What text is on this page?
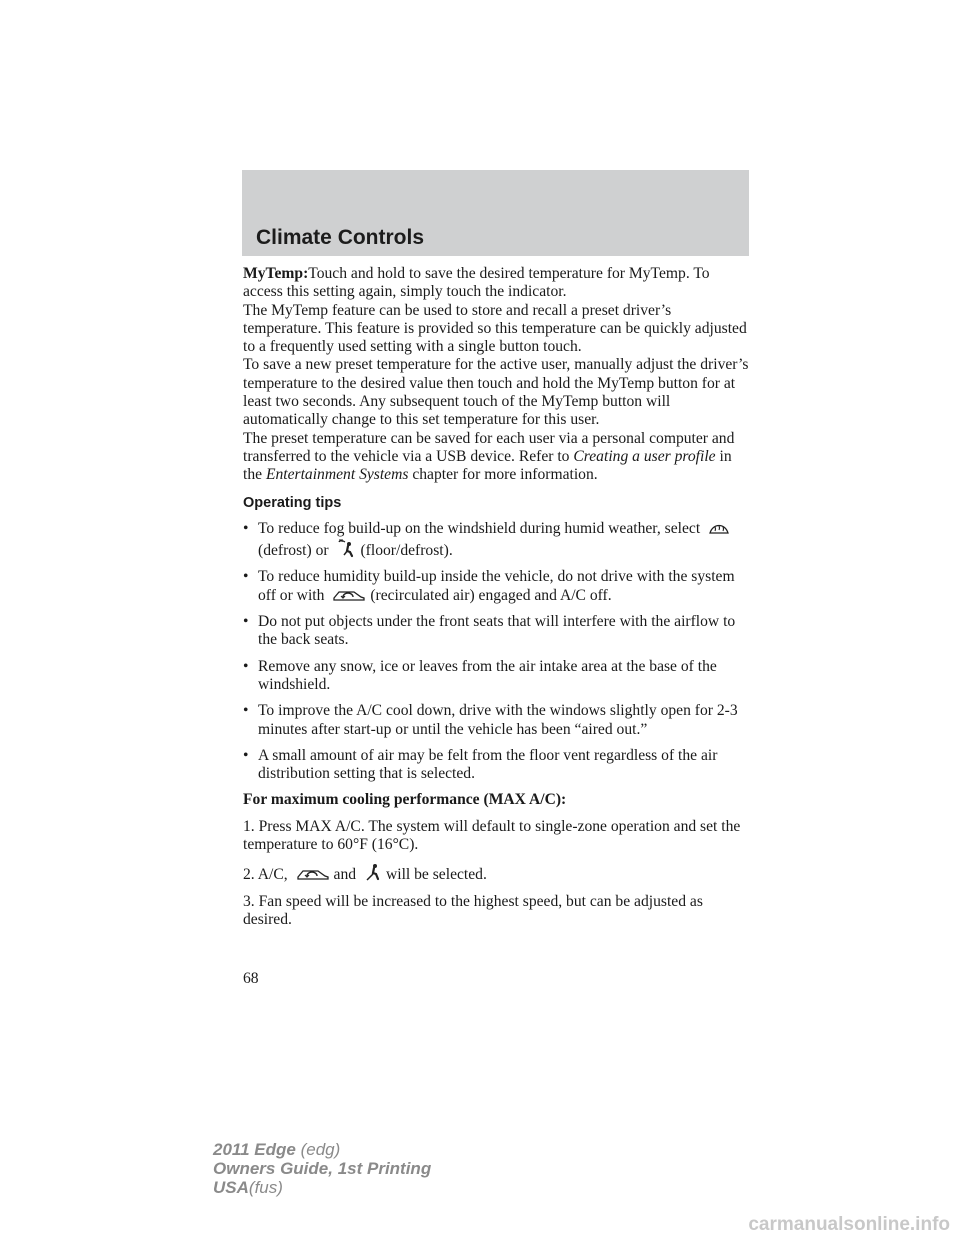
Climate Controls

MyTemp:Touch and hold to save the desired temperature for MyTemp. To access this setting again, simply touch the indicator.

The MyTemp feature can be used to store and recall a preset driver’s temperature. This feature is provided so this temperature can be quickly adjusted to a frequently used setting with a single button touch.

To save a new preset temperature for the active user, manually adjust the driver’s temperature to the desired value then touch and hold the MyTemp button for at least two seconds. Any subsequent touch of the MyTemp button will automatically change to this set temperature for this user.

The preset temperature can be saved for each user via a personal computer and transferred to the vehicle via a USB device. Refer to Creating a user profile in the Entertainment Systems chapter for more information.

Operating tips

• To reduce fog build-up on the windshield during humid weather, select
(defrost) or (floor/defrost).
• To reduce humidity build-up inside the vehicle, do not drive with the system off or with	(recirculated air) engaged and A/C off.
• Do not put objects under the front seats that will interfere with the airflow to the back seats.
• Remove any snow, ice or leaves from the air intake area at the base of the windshield.
• To improve the A/C cool down, drive with the windows slightly open for 2-3 minutes after start-up or until the vehicle has been “aired out.”
• A small amount of air may be felt from the floor vent regardless of the air distribution setting that is selected.

For maximum cooling performance (MAX A/C):

1. Press MAX A/C. The system will default to single-zone operation and set the temperature to 60°F (16°C).

2. A/C,	and will be selected.

3. Fan speed will be increased to the highest speed, but can be adjusted as desired.

68
2011 Edge (edg)
Owners Guide, 1st Printing
USA(fus)
carmanualsonline.info
